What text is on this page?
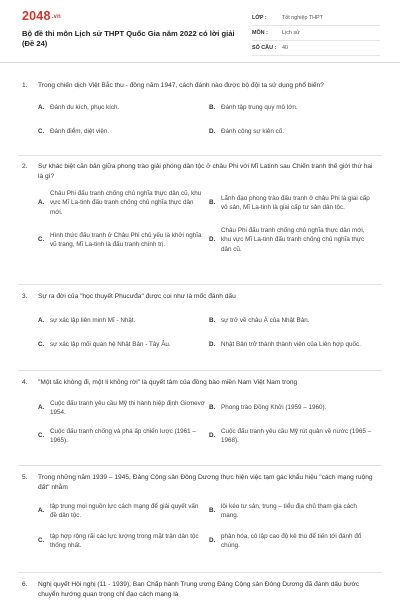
2048.vn
Bộ đề thi môn Lịch sử THPT Quốc Gia năm 2022 có lời giải (Đề 24)
LỚP :	Tốt nghiệp THPT
MÔN :	Lịch sử
SỐ CÂU :	40
1.	Trong chiến dịch Việt Bắc thu - đông năm 1947, cách đánh nào được bộ đội ta sử dụng phổ biến?
A. Đánh du kích, phục kích.	B. Đánh tập trung quy mô lớn.
C. Đánh điểm, diệt viện.	D. Đánh công sự kiên cố.
2.	Sự khác biệt căn bản giữa phong trào giải phóng dân tộc ở châu Phi với Mĩ Latinh sau Chiến tranh thế giới thứ hai là gì?
A.
Châu Phi đấu tranh chống chủ nghĩa thực dân cũ, khu vực Mĩ La-tinh đấu tranh chống chủ nghĩa thực dân mới.
B.
Lãnh đạo phong trào đấu tranh ở châu Phi là giai cấp vô sản, Mĩ La-tinh là giai cấp tư sản dân tộc.
C.
Hình thức đấu tranh ở Châu Phi chủ yếu là khởi nghĩa vũ trang, Mĩ La-tinh là đấu tranh chính trị.
D.
Châu Phi đấu tranh chống chủ nghĩa thực dân mới, khu vực Mĩ La-tinh đấu tranh chống chủ nghĩa thực dân cũ.
3.	Sự ra đời của "học thuyết Phucưđa" được coi như là mốc đánh dấu
A. sự xác lập liên minh Mĩ - Nhật.	B. sự trở về châu Á của Nhật Bản.
C. sự xác lập mối quan hệ Nhật Bản - Tây Âu.	D. Nhật Bản trở thành thành viên của Liên hợp quốc.
4.	"Một tấc không đi, một li không rời" là quyết tâm của đồng bào miền Nam Việt Nam trong
A.
Cuộc đấu tranh yêu cầu Mỹ thi hành hiệp định Giơnevơ 1954.
B. Phong trào Đồng Khởi (1959 – 1960).
C.
Cuộc đấu tranh chống và phá ấp chiến lược (1961 – 1965).
D.
Cuộc đấu tranh yêu cầu Mỹ rút quân về nước (1965 – 1968).
5.	Trong những năm 1939 – 1945, Đảng Cộng sản Đông Dương thực hiện việc tạm gác khẩu hiệu "cách mạng ruộng đất" nhằm
A.
tập trung mọi nguồn lực cách mạng để giải quyết vấn đề dân tộc.
B.
lôi kéo tư sản, trung – tiểu địa chủ tham gia cách mạng.
C.
tập hợp rộng rãi các lực lượng trong mặt trận dân tộc thống nhất.
D.
phân hóa, cô lập cao độ kẻ thù để tiến tới đánh đổ chúng.
6.	Nghị quyết Hội nghị (11 - 1939), Ban Chấp hành Trung ương Đảng Cộng sản Đông Dương đã đánh dấu bước chuyển hướng quan trọng chỉ đạo cách mạng là
